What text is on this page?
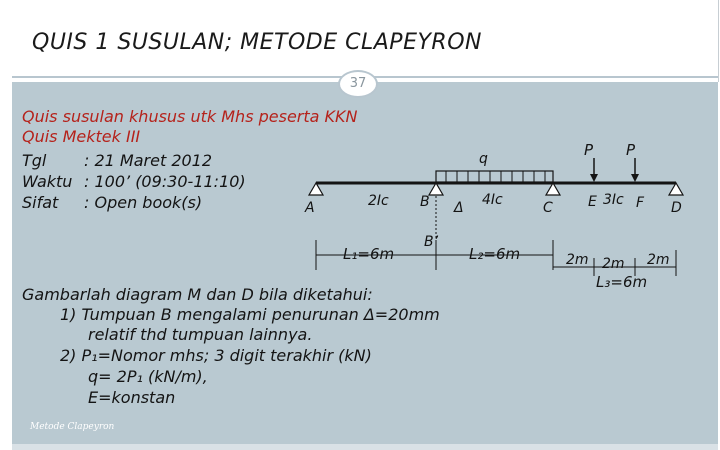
QUIS 1 SUSULAN; METODE CLAPEYRON
37
Quis susulan khusus utk Mhs peserta KKN
Quis Mektek III
Tgl : 21 Maret 2012
Waktu : 100’ (09:30-11:10)
Sifat : Open book(s)
Gambarlah diagram M dan D bila diketahui:
1) Tumpuan B mengalami penurunan Δ=20mm
relatif thd tumpuan lainnya.
2) P₁=Nomor mhs; 3 digit terakhir (kN)
q= 2P₁ (kN/m),
E=konstan
Metode Clapeyron
A	B
B’
C	D
E	F
Δ
q	P P
2Ic	4Ic	3Ic
L₁=6m	L₂=6m	2m 2m 2m
L₃=6m
